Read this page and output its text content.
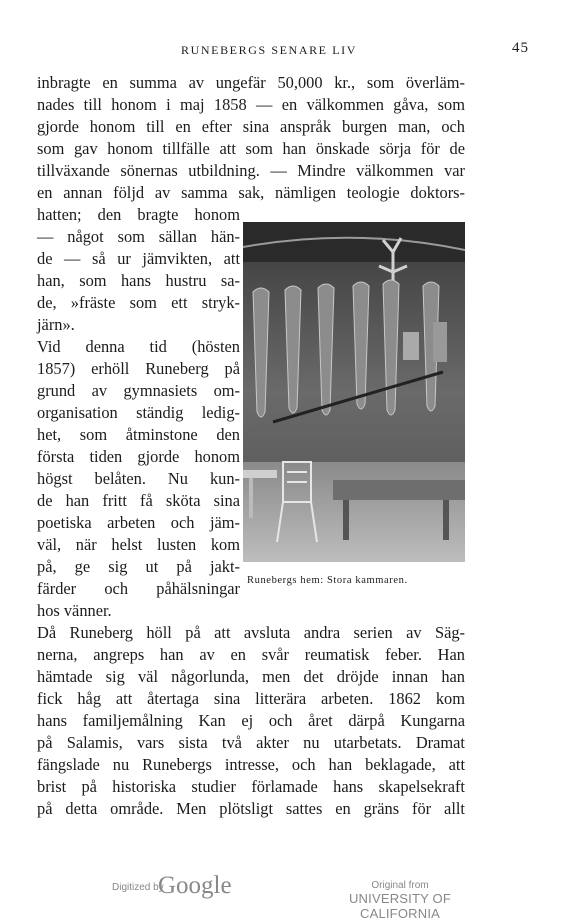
RUNEBERGS SENARE LIV	45
inbragte en summa av ungefär 50,000 kr., som överläm-
nades till honom i maj 1858 — en välkommen gåva, som
gjorde honom till en efter sina anspråk burgen man, och
som gav honom tillfälle att som han önskade sörja för de
tillväxande sönernas utbildning. — Mindre välkommen var
en annan följd av samma sak, nämligen teologie doktors-
hatten; den bragte honom
— något som sällan hän-
de — så ur jämvikten, att
han, som hans hustru sa-
de, »fräste som ett stryk-
järn».
Vid denna tid (hösten
1857) erhöll Runeberg på
grund av gymnasiets om-
organisation ständig ledig-
het, som åtminstone den
första tiden gjorde honom
högst belåten. Nu kun-
de han fritt få sköta sina
poetiska arbeten och jäm-
väl, när helst lusten kom
på, ge sig ut på jakt-
färder och påhälsningar
hos vänner.
Då Runeberg höll på att avsluta andra serien av Säg-
nerna, angreps han av en svår reumatisk feber. Han
hämtade sig väl någorlunda, men det dröjde innan han
fick håg att återtaga sina litterära arbeten. 1862 kom
hans familjemålning Kan ej och året därpå Kungarna
på Salamis, vars sista två akter nu utarbetats. Dramat
fängslade nu Runebergs intresse, och han beklagade, att
brist på historiska studier förlamade hans skapelsekraft
på detta område. Men plötsligt sattes en gräns för allt
Runebergs hem: Stora kammaren.
Digitized by
Google	Original from
UNIVERSITY OF CALIFORNIA
